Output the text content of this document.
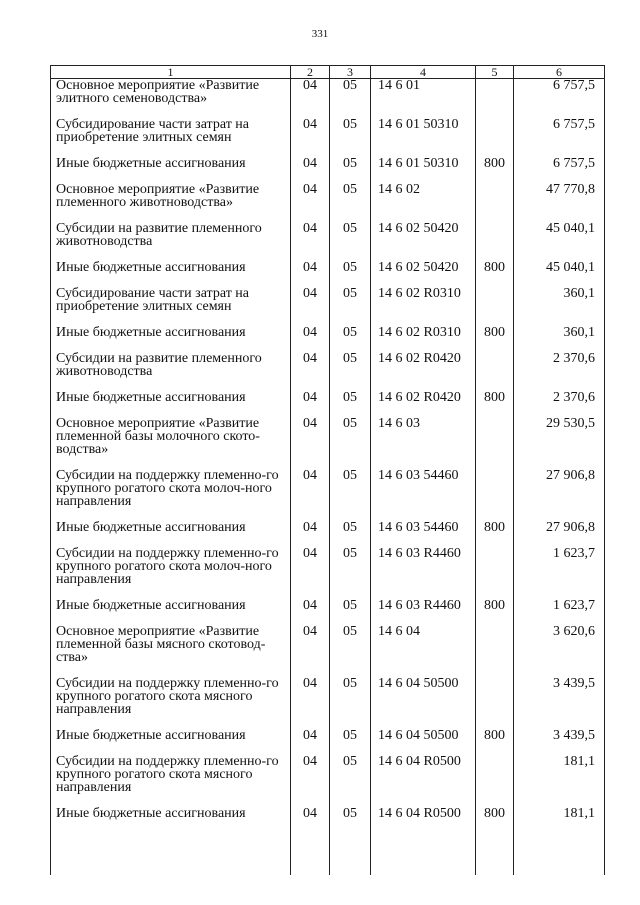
331
1	2	3	4	5	6
Основное мероприятие «Развитие элитного семеноводства»	04	05	14 6 01		6 757,5
Субсидирование части затрат на приобретение элитных семян	04	05	14 6 01 50310		6 757,5
Иные бюджетные ассигнования	04	05	14 6 01 50310	800	6 757,5
Основное мероприятие «Развитие племенного животноводства»	04	05	14 6 02		47 770,8
Субсидии на развитие племенного животноводства	04	05	14 6 02 50420		45 040,1
Иные бюджетные ассигнования	04	05	14 6 02 50420	800	45 040,1
Субсидирование части затрат на приобретение элитных семян	04	05	14 6 02 R0310		360,1
Иные бюджетные ассигнования	04	05	14 6 02 R0310	800	360,1
Субсидии на развитие племенного животноводства	04	05	14 6 02 R0420		2 370,6
Иные бюджетные ассигнования	04	05	14 6 02 R0420	800	2 370,6
Основное мероприятие «Развитие племенной базы молочного ското-водства»	04	05	14 6 03		29 530,5
Субсидии на поддержку племенно-го крупного рогатого скота молоч-ного направления	04	05	14 6 03 54460		27 906,8
Иные бюджетные ассигнования	04	05	14 6 03 54460	800	27 906,8
Субсидии на поддержку племенно-го крупного рогатого скота молоч-ного направления	04	05	14 6 03 R4460		1 623,7
Иные бюджетные ассигнования	04	05	14 6 03 R4460	800	1 623,7
Основное мероприятие «Развитие племенной базы мясного скотовод-ства»	04	05	14 6 04		3 620,6
Субсидии на поддержку племенно-го крупного рогатого скота мясного направления	04	05	14 6 04 50500		3 439,5
Иные бюджетные ассигнования	04	05	14 6 04 50500	800	3 439,5
Субсидии на поддержку племенно-го крупного рогатого скота мясного направления	04	05	14 6 04 R0500		181,1
Иные бюджетные ассигнования	04	05	14 6 04 R0500	800	181,1
